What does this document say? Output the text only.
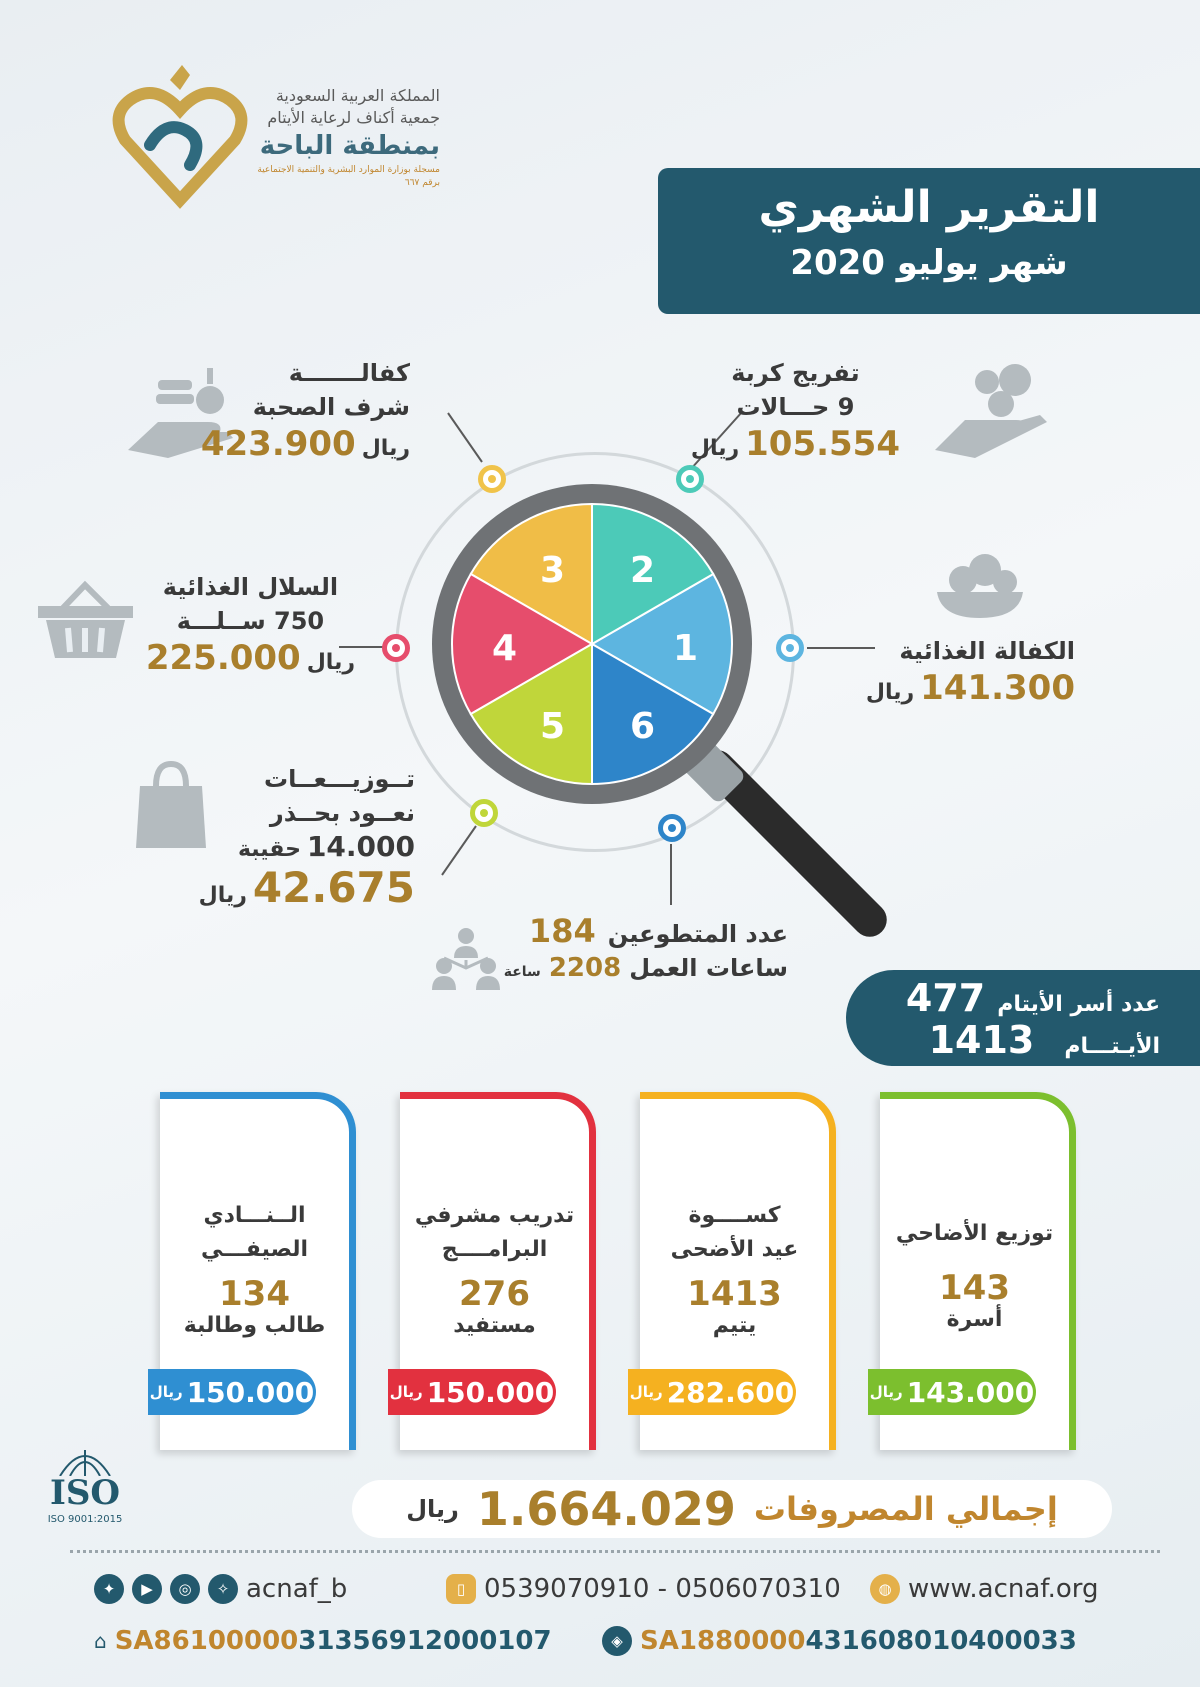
المملكة العربية السعودية
جمعية أكناف لرعاية الأيتام
بمنطقة الباحة
مسجلة بوزارة الموارد البشرية والتنمية الاجتماعية
برقم ٦٦٧	التقرير الشهري
شهر يوليو 2020
1
2
3
4
5 6
كفالـــــــة
شرف الصحبة
ريال
423.900
تفريج كربة
9 حـــالات
105.554
ريال
السلال الغذائية
750 ســلـــة
ريال
225.000	الكفالة الغذائية
141.300
ريال
تــوزيـــعــات
نعــود بحــذر
14.000
حقيبة
42.675
ريال
عدد المتطوعين
184
ساعات العمل
2208
ساعة
عدد أسر الأيتام
477
الأيـتـــام
1413
الــنـــادي
الصيفـــي
134
طالب وطالبة
150.000
ريال
تدريب مشرفي
البرامــــج
276
مستفيد
150.000
ريال
كســــوة
عيد الأضحى
1413
يتيم
282.600
ريال
توزيع الأضاحي
143
أسرة
143.000
ريال
ISO
ISO 9001:2015	إجمالي المصروفات
1.664.029
ريال
✦	▶	◎	✧ acnaf_b	▯ 0539070910 - 0506070310	◍ www.acnaf.org
⌂ SA8610000031356912000107	◈ SA1880000431608010400033
